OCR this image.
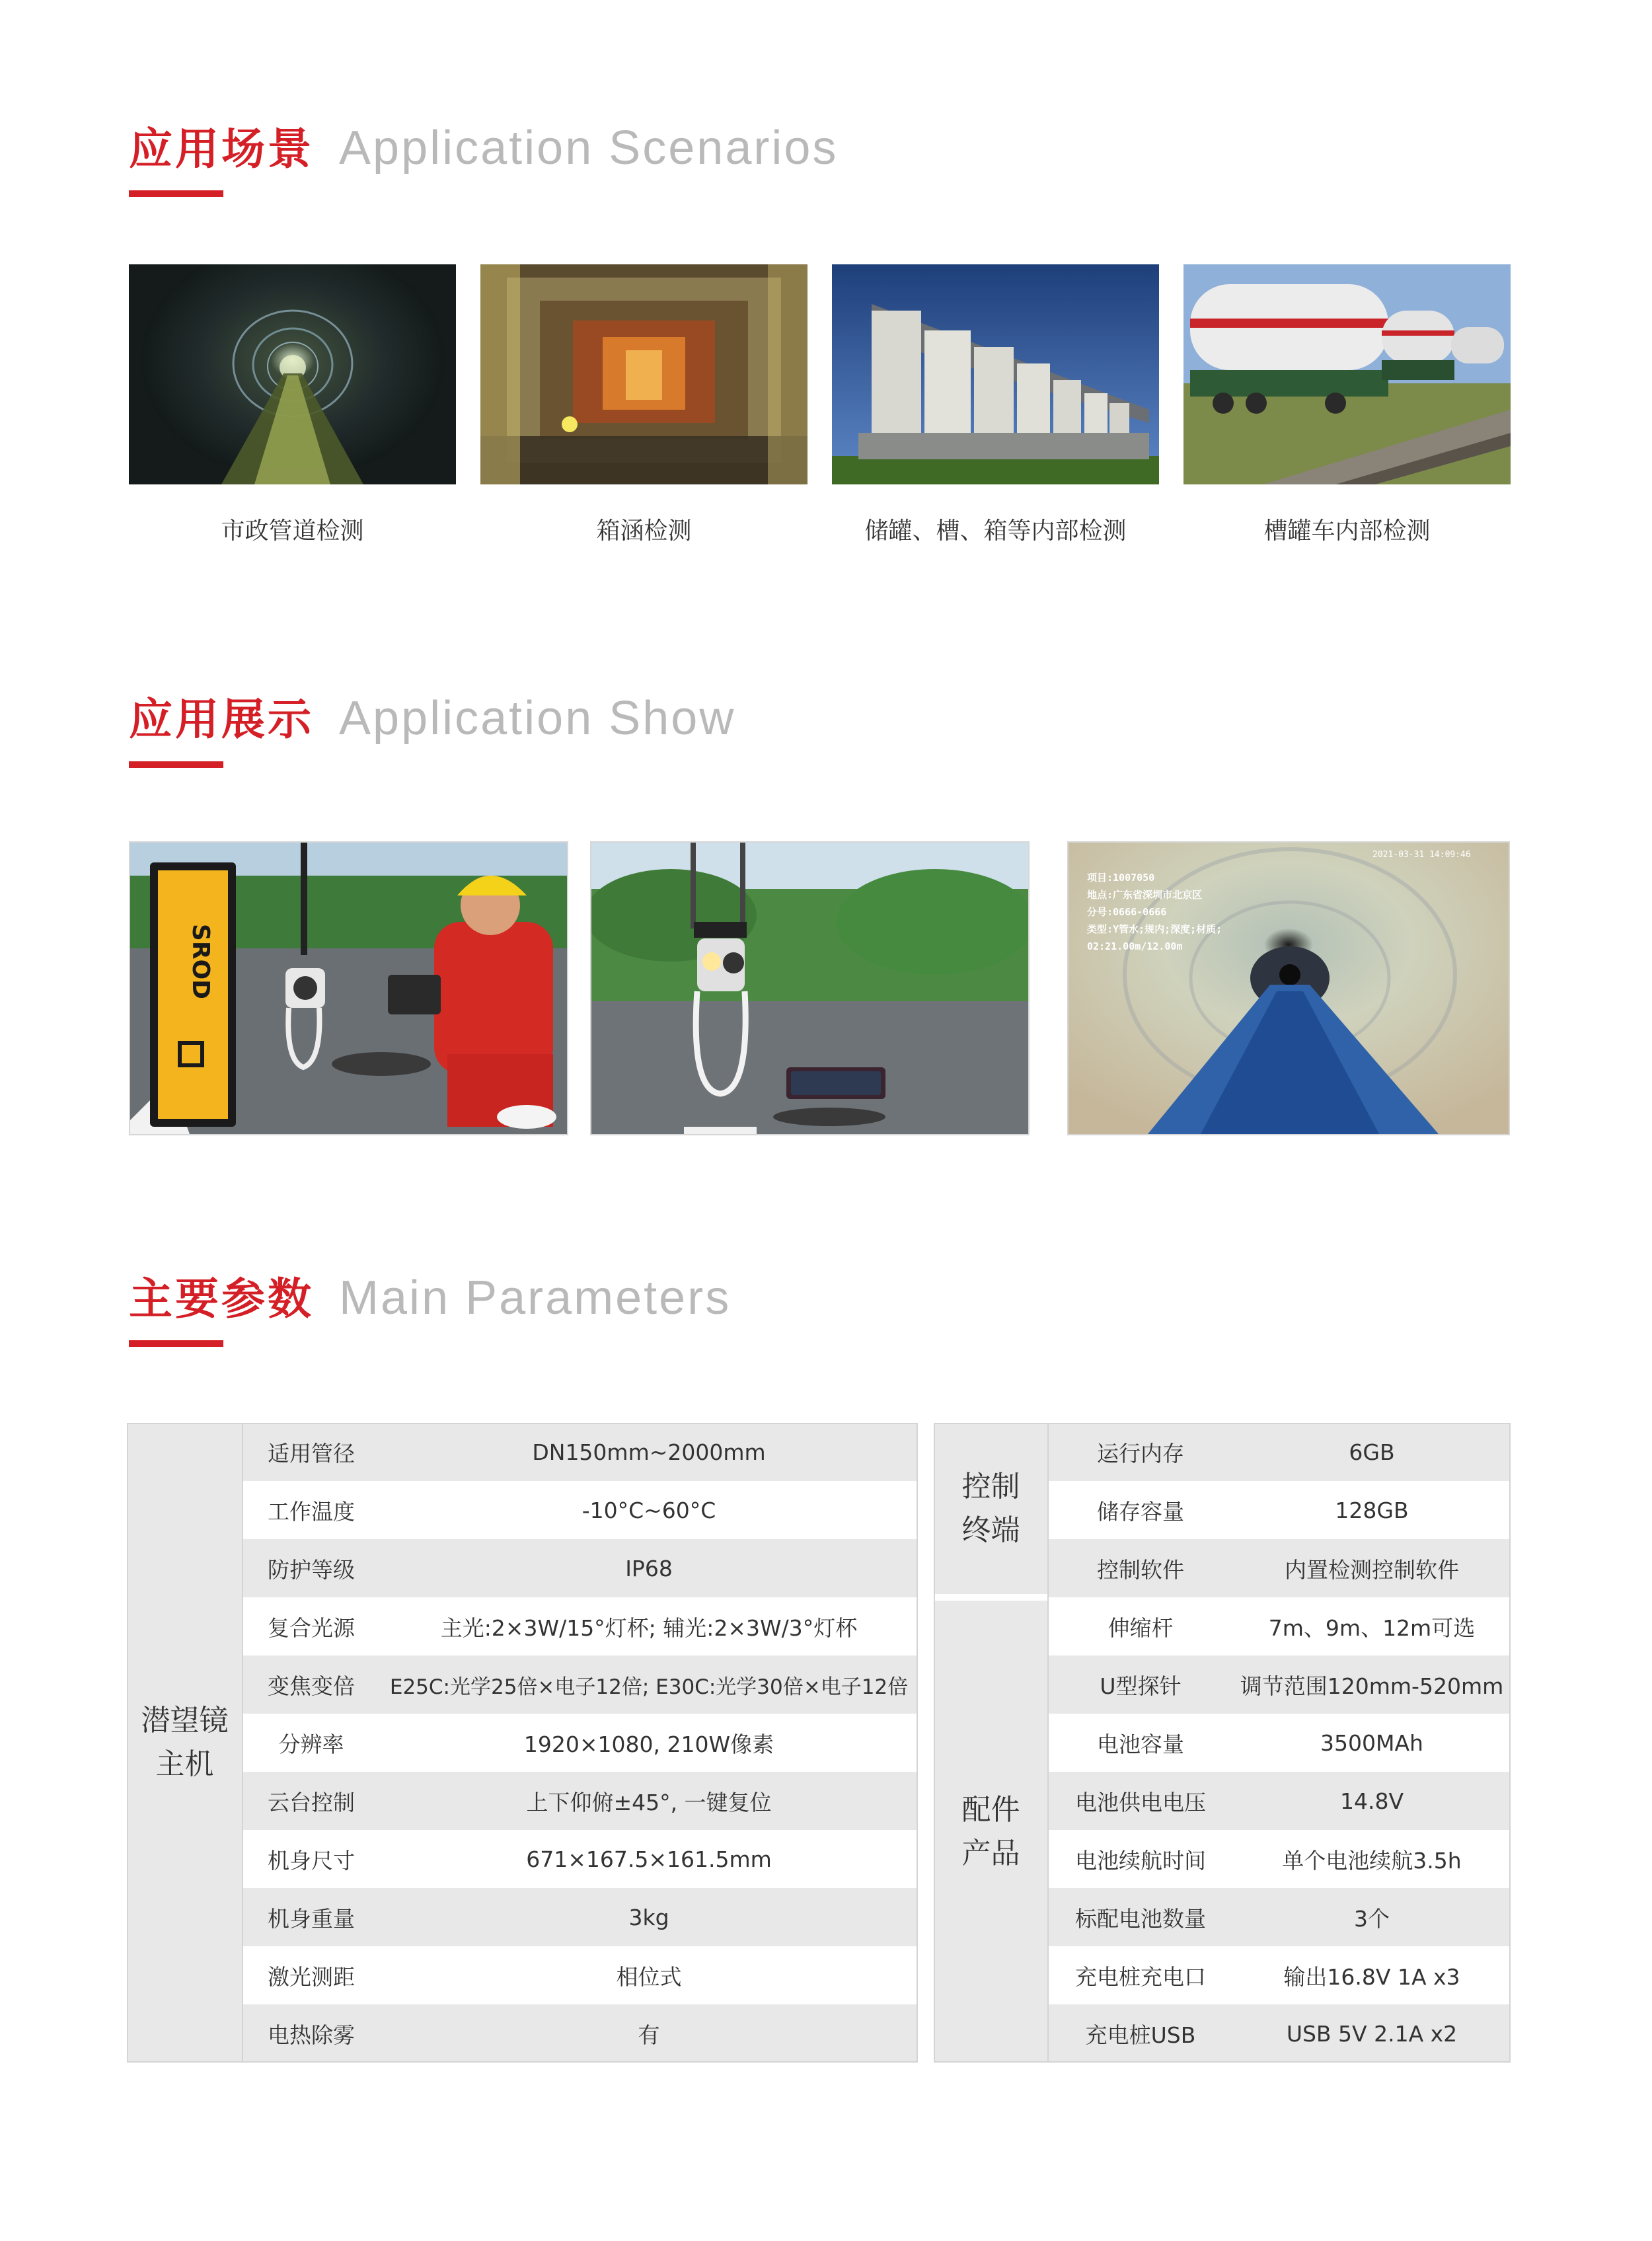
应用场景 Application Scenarios
市政管道检测	箱涵检测	储罐、槽、箱等内部检测	槽罐车内部检测
应用展示 Application Show
SROD
2021-03-31 14:09:46
项目:1007050
地点:广东省深圳市北京区
分号:0666-0666
类型:Y管水;规内;深度;材质;
02:21.00m/12.00m
主要参数 Main Parameters
潜望镜
主机	适用管径	DN150mm~2000mm
	工作温度	-10°C~60°C
	防护等级	IP68
	复合光源	主光:2×3W/15°灯杯; 辅光:2×3W/3°灯杯
	变焦变倍	E25C:光学25倍×电子12倍; E30C:光学30倍×电子12倍
	分辨率	1920×1080, 210W像素
	云台控制	上下仰俯±45°, 一键复位
	机身尺寸	671×167.5×161.5mm
	机身重量	3kg
	激光测距	相位式
	电热除雾	有
控制
终端	运行内存	6GB
	储存容量	128GB
	控制软件	内置检测控制软件
配件
产品	伸缩杆	7m、9m、12m可选
	U型探针	调节范围120mm-520mm
	电池容量	3500MAh
	电池供电电压	14.8V
	电池续航时间	单个电池续航3.5h
	标配电池数量	3个
	充电桩充电口	输出16.8V 1A x3
	充电桩USB	USB 5V 2.1A x2
